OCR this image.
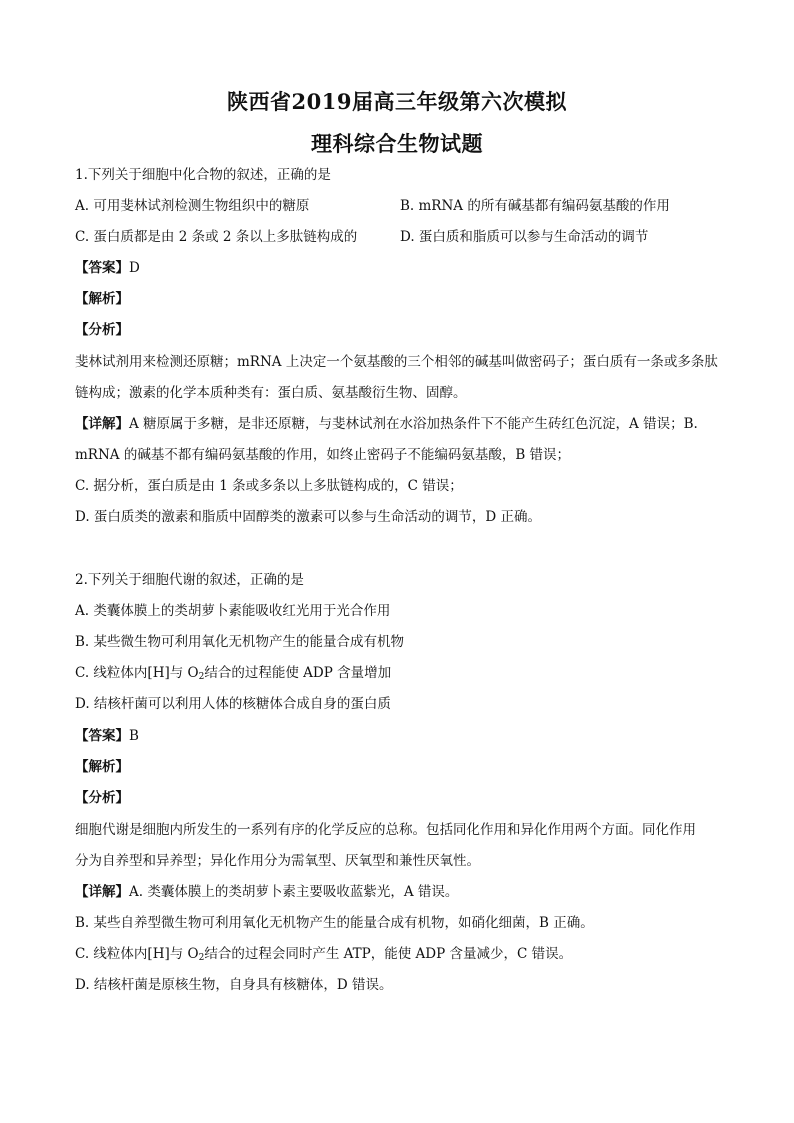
陕西省2019届高三年级第六次模拟
理科综合生物试题
1.下列关于细胞中化合物的叙述，正确的是
A. 可用斐林试剂检测生物组织中的糖原	B. mRNA 的所有碱基都有编码氨基酸的作用
C. 蛋白质都是由 2 条或 2 条以上多肽链构成的	D. 蛋白质和脂质可以参与生命活动的调节
【答案】D
【解析】
【分析】
斐林试剂用来检测还原糖；mRNA 上决定一个氨基酸的三个相邻的碱基叫做密码子；蛋白质有一条或多条肽
链构成；激素的化学本质种类有：蛋白质、氨基酸衍生物、固醇。
【详解】A 糖原属于多糖，是非还原糖，与斐林试剂在水浴加热条件下不能产生砖红色沉淀，A 错误；B.
mRNA 的碱基不都有编码氨基酸的作用，如终止密码子不能编码氨基酸，B 错误；
C. 据分析，蛋白质是由 1 条或多条以上多肽链构成的，C 错误；
D. 蛋白质类的激素和脂质中固醇类的激素可以参与生命活动的调节，D 正确。
2.下列关于细胞代谢的叙述，正确的是
A. 类囊体膜上的类胡萝卜素能吸收红光用于光合作用
B. 某些微生物可利用氧化无机物产生的能量合成有机物
C. 线粒体内[H]与 $O_2$结合的过程能使 ADP 含量增加
D. 结核杆菌可以利用人体的核糖体合成自身的蛋白质
【答案】B
【解析】
【分析】
细胞代谢是细胞内所发生的一系列有序的化学反应的总称。包括同化作用和异化作用两个方面。同化作用
分为自养型和异养型；异化作用分为需氧型、厌氧型和兼性厌氧性。
【详解】A. 类囊体膜上的类胡萝卜素主要吸收蓝紫光，A 错误。
B. 某些自养型微生物可利用氧化无机物产生的能量合成有机物，如硝化细菌，B 正确。
C. 线粒体内[H]与 $O_2$结合的过程会同时产生 ATP，能使 ADP 含量减少，C 错误。
D. 结核杆菌是原核生物，自身具有核糖体，D 错误。
